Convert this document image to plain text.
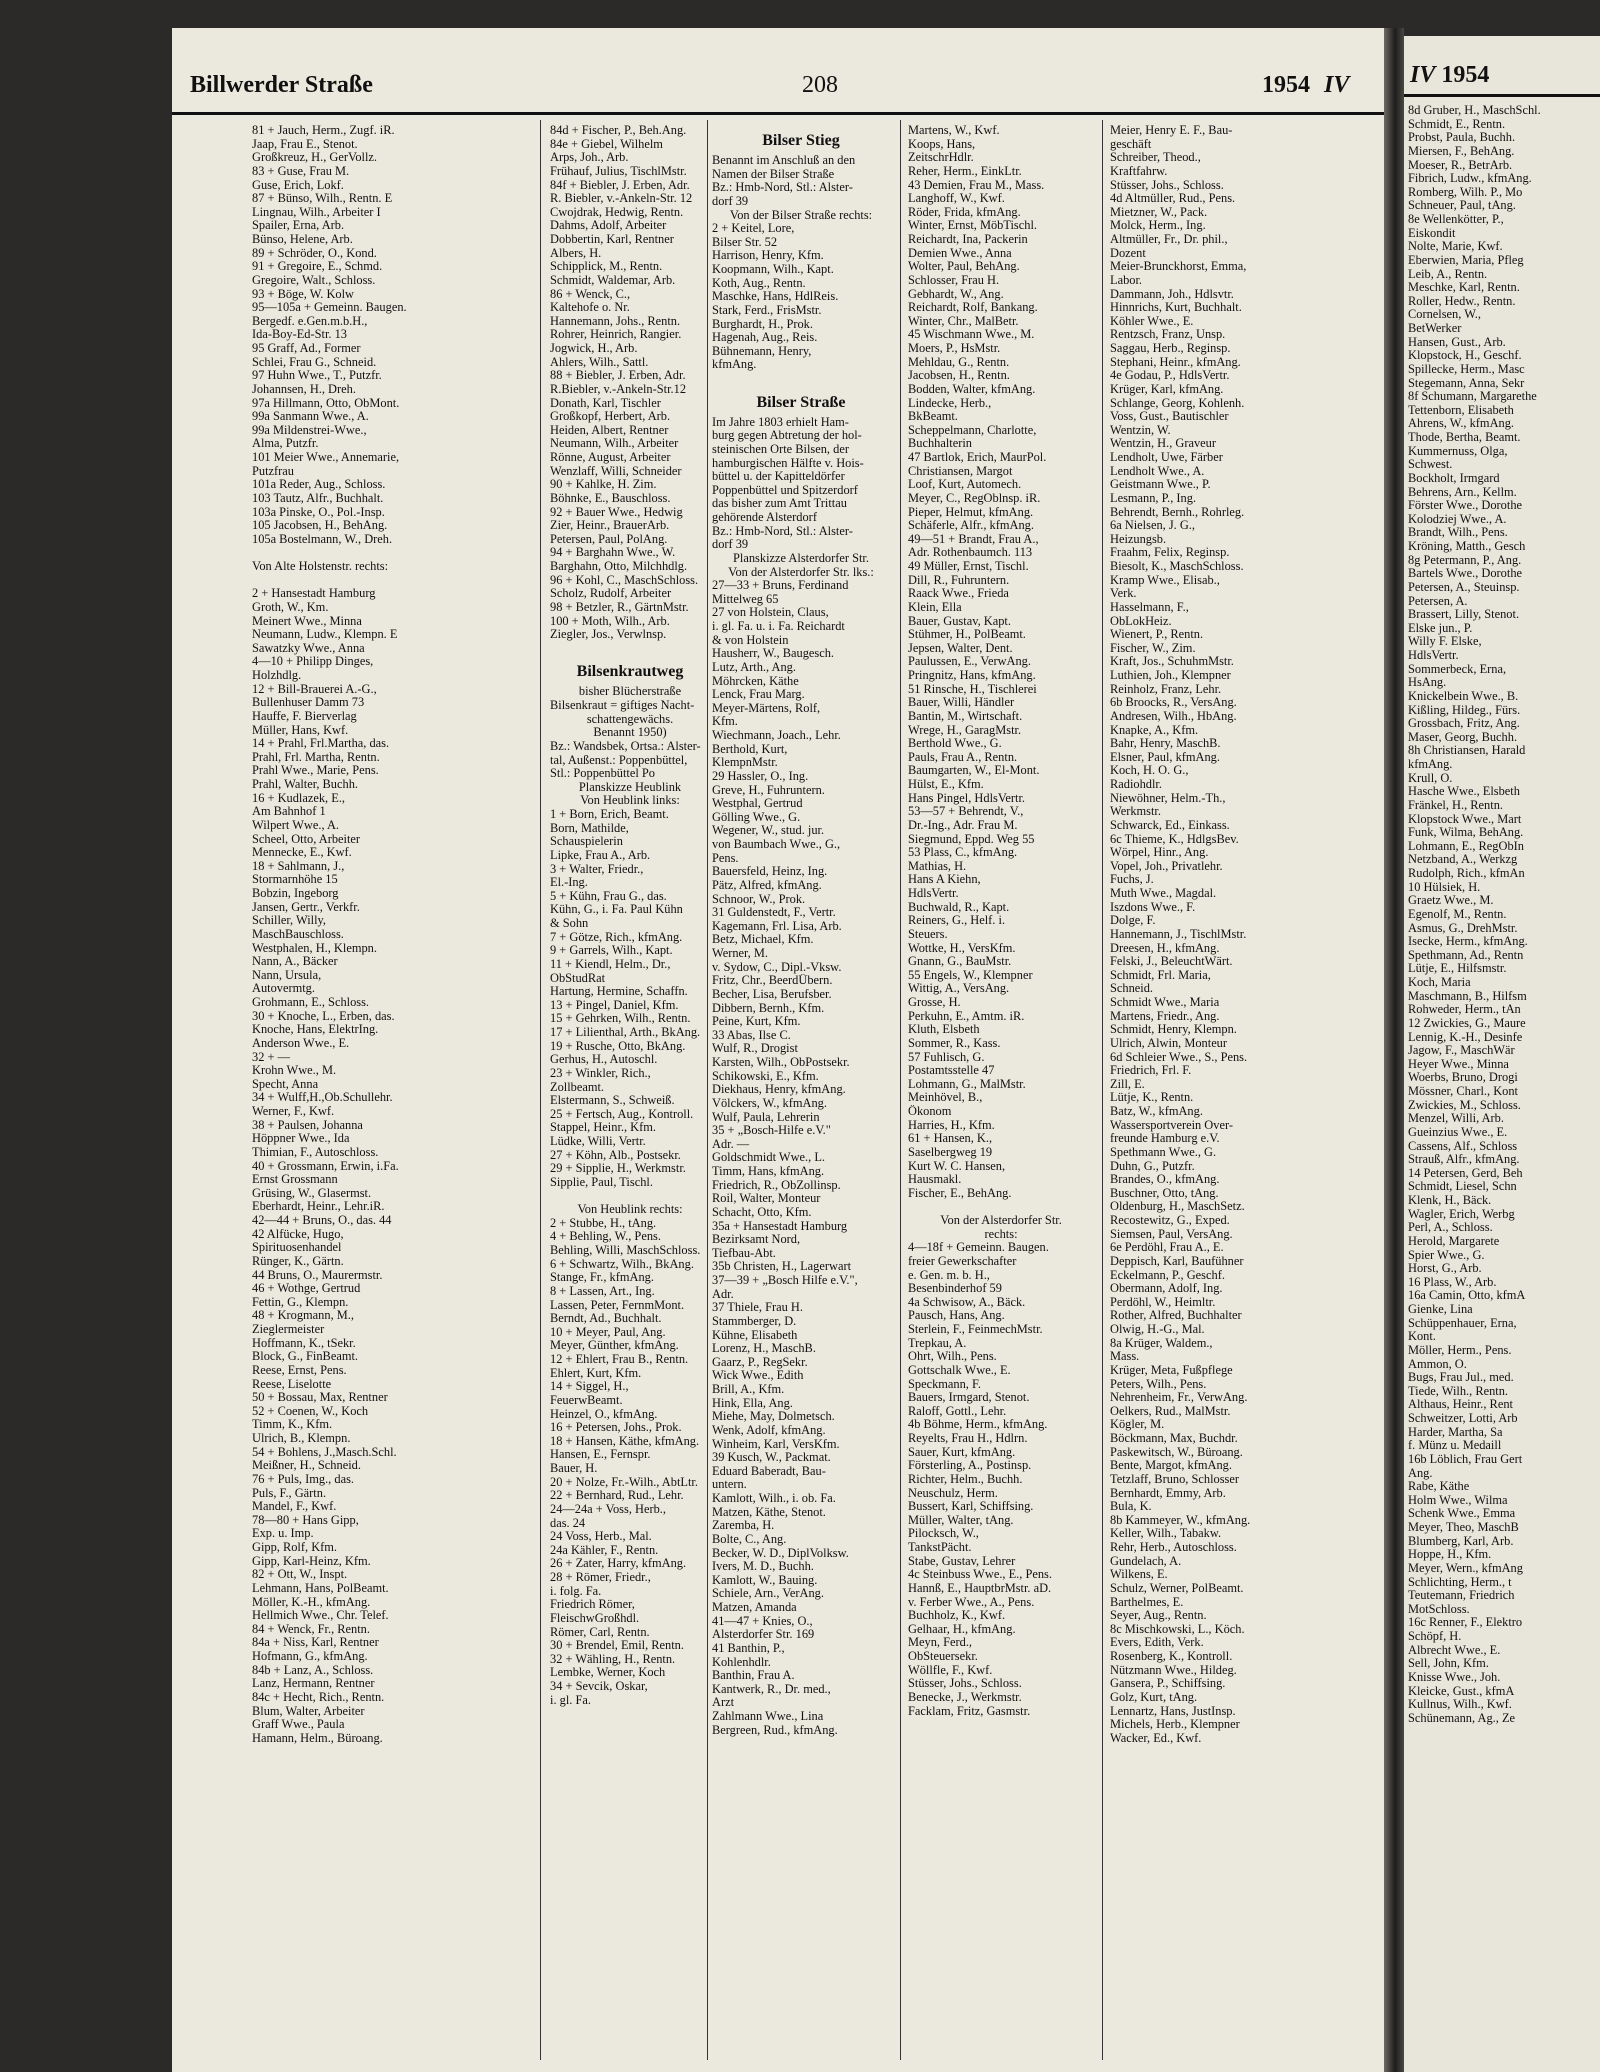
Billwerder Straße	208	1954 IV
81 + Jauch, Herm., Zugf. iR.
Jaap, Frau E., Stenot.
Großkreuz, H., GerVollz.
83 + Guse, Frau M.
Guse, Erich, Lokf.
87 + Bünso, Wilh., Rentn. E
Lingnau, Wilh., Arbeiter I
Spailer, Erna, Arb.
Bünso, Helene, Arb.
89 + Schröder, O., Kond.
91 + Gregoire, E., Schmd.
Gregoire, Walt., Schloss.
93 + Böge, W. Kolw
95—105a + Gemeinn. Baugen.
Bergedf. e.Gen.m.b.H.,
Ida-Boy-Ed-Str. 13
95 Graff, Ad., Former
Schlei, Frau G., Schneid.
97 Huhn Wwe., T., Putzfr.
Johannsen, H., Dreh.
97a Hillmann, Otto, ObMont.
99a Sanmann Wwe., A.
99a Mildenstrei-Wwe.,
Alma, Putzfr.
101 Meier Wwe., Annemarie,
Putzfrau
101a Reder, Aug., Schloss.
103 Tautz, Alfr., Buchhalt.
103a Pinske, O., Pol.-Insp.
105 Jacobsen, H., BehAng.
105a Bostelmann, W., Dreh.

Von Alte Holstenstr. rechts:

2 + Hansestadt Hamburg
Groth, W., Km.
Meinert Wwe., Minna
Neumann, Ludw., Klempn. E
Sawatzky Wwe., Anna
4—10 + Philipp Dinges,
Holzhdlg.
12 + Bill-Brauerei A.-G.,
Bullenhuser Damm 73
Hauffe, F. Bierverlag
Müller, Hans, Kwf.
14 + Prahl, Frl.Martha, das.
Prahl, Frl. Martha, Rentn.
Prahl Wwe., Marie, Pens.
Prahl, Walter, Buchh.
16 + Kudlazek, E.,
Am Bahnhof 1
Wilpert Wwe., A.
Scheel, Otto, Arbeiter
Mennecke, E., Kwf.
18 + Sahlmann, J.,
Stormarnhöhe 15
Bobzin, Ingeborg
Jansen, Gertr., Verkfr.
Schiller, Willy,
MaschBauschloss.
Westphalen, H., Klempn.
Nann, A., Bäcker
Nann, Ursula,
Autovermtg.
Grohmann, E., Schloss.
30 + Knoche, L., Erben, das.
Knoche, Hans, ElektrIng.
Anderson Wwe., E.
32 + —
Krohn Wwe., M.
Specht, Anna
34 + Wulff,H.,Ob.Schullehr.
Werner, F., Kwf.
38 + Paulsen, Johanna
Höppner Wwe., Ida
Thimian, F., Autoschloss.
40 + Grossmann, Erwin, i.Fa.
Ernst Grossmann
Grüsing, W., Glasermst.
Eberhardt, Heinr., Lehr.iR.
42—44 + Bruns, O., das. 44
42 Alfücke, Hugo,
Spirituosenhandel
Rünger, K., Gärtn.
44 Bruns, O., Maurermstr.
46 + Wothge, Gertrud
Fettin, G., Klempn.
48 + Krogmann, M.,
Zieglermeister
Hoffmann, K., tSekr.
Block, G., FinBeamt.
Reese, Ernst, Pens.
Reese, Liselotte
50 + Bossau, Max, Rentner
52 + Coenen, W., Koch
Timm, K., Kfm.
Ulrich, B., Klempn.
54 + Bohlens, J.,Masch.Schl.
Meißner, H., Schneid.
76 + Puls, Img., das.
Puls, F., Gärtn.
Mandel, F., Kwf.
78—80 + Hans Gipp,
Exp. u. Imp.
Gipp, Rolf, Kfm.
Gipp, Karl-Heinz, Kfm.
82 + Ott, W., Inspt.
Lehmann, Hans, PolBeamt.
Möller, K.-H., kfmAng.
Hellmich Wwe., Chr. Telef.
84 + Wenck, Fr., Rentn.
84a + Niss, Karl, Rentner
Hofmann, G., kfmAng.
84b + Lanz, A., Schloss.
Lanz, Hermann, Rentner
84c + Hecht, Rich., Rentn.
Blum, Walter, Arbeiter
Graff Wwe., Paula
Hamann, Helm., Büroang.
84d + Fischer, P., Beh.Ang.
84e + Giebel, Wilhelm
Arps, Joh., Arb.
Frühauf, Julius, TischlMstr.
84f + Biebler, J. Erben, Adr.
R. Biebler, v.-Ankeln-Str. 12
Cwojdrak, Hedwig, Rentn.
Dahms, Adolf, Arbeiter
Dobbertin, Karl, Rentner
Albers, H.
Schipplick, M., Rentn.
Schmidt, Waldemar, Arb.
86 + Wenck, C.,
Kaltehofe o. Nr.
Hannemann, Johs., Rentn.
Rohrer, Heinrich, Rangier.
Jogwick, H., Arb.
Ahlers, Wilh., Sattl.
88 + Biebler, J. Erben, Adr.
R.Biebler, v.-Ankeln-Str.12
Donath, Karl, Tischler
Großkopf, Herbert, Arb.
Heiden, Albert, Rentner
Neumann, Wilh., Arbeiter
Rönne, August, Arbeiter
Wenzlaff, Willi, Schneider
90 + Kahlke, H. Zim.
Böhnke, E., Bauschloss.
92 + Bauer Wwe., Hedwig
Zier, Heinr., BrauerArb.
Petersen, Paul, PolAng.
94 + Barghahn Wwe., W.
Barghahn, Otto, Milchhdlg.
96 + Kohl, C., MaschSchloss.
Scholz, Rudolf, Arbeiter
98 + Betzler, R., GärtnMstr.
100 + Moth, Wilh., Arb.
Ziegler, Jos., Verwlnsp.

Bilsenkrautweg
bisher Blücherstraße
Bilsenkraut = giftiges Nacht-
schattengewächs.
Benannt 1950)
Bz.: Wandsbek, Ortsa.: Alster-
tal, Außenst.: Poppenbüttel,
Stl.: Poppenbüttel Po
Planskizze Heublink
Von Heublink links:
1 + Born, Erich, Beamt.
Born, Mathilde,
Schauspielerin
Lipke, Frau A., Arb.
3 + Walter, Friedr.,
El.-Ing.
5 + Kühn, Frau G., das.
Kühn, G., i. Fa. Paul Kühn
& Sohn
7 + Götze, Rich., kfmAng.
9 + Garrels, Wilh., Kapt.
11 + Kiendl, Helm., Dr.,
ObStudRat
Hartung, Hermine, Schaffn.
13 + Pingel, Daniel, Kfm.
15 + Gehrken, Wilh., Rentn.
17 + Lilienthal, Arth., BkAng.
19 + Rusche, Otto, BkAng.
Gerhus, H., Autoschl.
23 + Winkler, Rich.,
Zollbeamt.
Elstermann, S., Schweiß.
25 + Fertsch, Aug., Kontroll.
Stappel, Heinr., Kfm.
Lüdke, Willi, Vertr.
27 + Köhn, Alb., Postsekr.
29 + Sipplie, H., Werkmstr.
Sipplie, Paul, Tischl.

Von Heublink rechts:
2 + Stubbe, H., tAng.
4 + Behling, W., Pens.
Behling, Willi, MaschSchloss.
6 + Schwartz, Wilh., BkAng.
Stange, Fr., kfmAng.
8 + Lassen, Art., Ing.
Lassen, Peter, FernmMont.
Berndt, Ad., Buchhalt.
10 + Meyer, Paul, Ang.
Meyer, Günther, kfmAng.
12 + Ehlert, Frau B., Rentn.
Ehlert, Kurt, Kfm.
14 + Siggel, H.,
FeuerwBeamt.
Heinzel, O., kfmAng.
16 + Petersen, Johs., Prok.
18 + Hansen, Käthe, kfmAng.
Hansen, E., Fernspr.
Bauer, H.
20 + Nolze, Fr.-Wilh., AbtLtr.
22 + Bernhard, Rud., Lehr.
24—24a + Voss, Herb.,
das. 24
24 Voss, Herb., Mal.
24a Kähler, F., Rentn.
26 + Zater, Harry, kfmAng.
28 + Römer, Friedr.,
i. folg. Fa.
Friedrich Römer,
FleischwGroßhdl.
Römer, Carl, Rentn.
30 + Brendel, Emil, Rentn.
32 + Wähling, H., Rentn.
Lembke, Werner, Koch
34 + Sevcik, Oskar,
i. gl. Fa.
Bilser Stieg
Benannt im Anschluß an den
Namen der Bilser Straße
Bz.: Hmb-Nord, Stl.: Alster-
dorf 39
Von der Bilser Straße rechts:
2 + Keitel, Lore,
Bilser Str. 52
Harrison, Henry, Kfm.
Koopmann, Wilh., Kapt.
Koth, Aug., Rentn.
Maschke, Hans, HdlReis.
Stark, Ferd., FrisMstr.
Burghardt, H., Prok.
Hagenah, Aug., Reis.
Bühnemann, Henry,
kfmAng.

Bilser Straße
Im Jahre 1803 erhielt Ham-
burg gegen Abtretung der hol-
steinischen Orte Bilsen, der
hamburgischen Hälfte v. Hois-
büttel u. der Kapitteldörfer
Poppenbüttel und Spitzerdorf
das bisher zum Amt Trittau
gehörende Alsterdorf
Bz.: Hmb-Nord, Stl.: Alster-
dorf 39
Planskizze Alsterdorfer Str.
Von der Alsterdorfer Str. lks.:
27—33 + Bruns, Ferdinand
Mittelweg 65
27 von Holstein, Claus,
i. gl. Fa. u. i. Fa. Reichardt
& von Holstein
Hausherr, W., Baugesch.
Lutz, Arth., Ang.
Möhrcken, Käthe
Lenck, Frau Marg.
Meyer-Märtens, Rolf,
Kfm.
Wiechmann, Joach., Lehr.
Berthold, Kurt,
KlempnMstr.
29 Hassler, O., Ing.
Greve, H., Fuhruntern.
Westphal, Gertrud
Gölling Wwe., G.
Wegener, W., stud. jur.
von Baumbach Wwe., G.,
Pens.
Bauersfeld, Heinz, Ing.
Pätz, Alfred, kfmAng.
Schnoor, W., Prok.
31 Guldenstedt, F., Vertr.
Kagemann, Frl. Lisa, Arb.
Betz, Michael, Kfm.
Werner, M.
v. Sydow, C., Dipl.-Vksw.
Fritz, Chr., BeerdÜbern.
Becher, Lisa, Berufsber.
Dibbern, Bernh., Kfm.
Peine, Kurt, Kfm.
33 Abas, Ilse C.
Wulf, R., Drogist
Karsten, Wilh., ObPostsekr.
Schikowski, E., Kfm.
Diekhaus, Henry, kfmAng.
Völckers, W., kfmAng.
Wulf, Paula, Lehrerin
35 + „Bosch-Hilfe e.V."
Adr. —
Goldschmidt Wwe., L.
Timm, Hans, kfmAng.
Friedrich, R., ObZollinsp.
Roil, Walter, Monteur
Schacht, Otto, Kfm.
35a + Hansestadt Hamburg
Bezirksamt Nord,
Tiefbau-Abt.
35b Christen, H., Lagerwart
37—39 + „Bosch Hilfe e.V.",
Adr.
37 Thiele, Frau H.
Stammberger, D.
Kühne, Elisabeth
Lorenz, H., MaschB.
Gaarz, P., RegSekr.
Wick Wwe., Edith
Brill, A., Kfm.
Hink, Ella, Ang.
Miehe, May, Dolmetsch.
Wenk, Adolf, kfmAng.
Winheim, Karl, VersKfm.
39 Kusch, W., Packmat.
Eduard Baberadt, Bau-
untern.
Kamlott, Wilh., i. ob. Fa.
Matzen, Käthe, Stenot.
Zaremba, H.
Bolte, C., Ang.
Becker, W. D., DiplVolksw.
Ivers, M. D., Buchh.
Kamlott, W., Bauing.
Schiele, Arn., VerAng.
Matzen, Amanda
41—47 + Knies, O.,
Alsterdorfer Str. 169
41 Banthin, P.,
Kohlenhdlr.
Banthin, Frau A.
Kantwerk, R., Dr. med.,
Arzt
Zahlmann Wwe., Lina
Bergreen, Rud., kfmAng.
Martens, W., Kwf.
Koops, Hans,
ZeitschrHdlr.
Reher, Herm., EinkLtr.
43 Demien, Frau M., Mass.
Langhoff, W., Kwf.
Röder, Frida, kfmAng.
Winter, Ernst, MöbTischl.
Reichardt, Ina, Packerin
Demien Wwe., Anna
Wolter, Paul, BehAng.
Schlosser, Frau H.
Gebhardt, W., Ang.
Reichardt, Rolf, Bankang.
Winter, Chr., MalBetr.
45 Wischmann Wwe., M.
Moers, P., HsMstr.
Mehldau, G., Rentn.
Jacobsen, H., Rentn.
Bodden, Walter, kfmAng.
Lindecke, Herb.,
BkBeamt.
Scheppelmann, Charlotte,
Buchhalterin
47 Bartlok, Erich, MaurPol.
Christiansen, Margot
Loof, Kurt, Automech.
Meyer, C., RegOblnsp. iR.
Pieper, Helmut, kfmAng.
Schäferle, Alfr., kfmAng.
49—51 + Brandt, Frau A.,
Adr. Rothenbaumch. 113
49 Müller, Ernst, Tischl.
Dill, R., Fuhruntern.
Raack Wwe., Frieda
Klein, Ella
Bauer, Gustav, Kapt.
Stühmer, H., PolBeamt.
Jepsen, Walter, Dent.
Paulussen, E., VerwAng.
Pringnitz, Hans, kfmAng.
51 Rinsche, H., Tischlerei
Bauer, Willi, Händler
Bantin, M., Wirtschaft.
Wrege, H., GaragMstr.
Berthold Wwe., G.
Pauls, Frau A., Rentn.
Baumgarten, W., El-Mont.
Hülst, E., Kfm.
Hans Pingel, HdlsVertr.
53—57 + Behrendt, V.,
Dr.-Ing., Adr. Frau M.
Siegmund, Eppd. Weg 55
53 Plass, C., kfmAng.
Mathias, H.
Hans A Kiehn,
HdlsVertr.
Buchwald, R., Kapt.
Reiners, G., Helf. i.
Steuers.
Wottke, H., VersKfm.
Gnann, G., BauMstr.
55 Engels, W., Klempner
Wittig, A., VersAng.
Grosse, H.
Perkuhn, E., Amtm. iR.
Kluth, Elsbeth
Sommer, R., Kass.
57 Fuhlisch, G.
Postamtsstelle 47
Lohmann, G., MalMstr.
Meinhövel, B.,
Ökonom
Harries, H., Kfm.
61 + Hansen, K.,
Saselbergweg 19
Kurt W. C. Hansen,
Hausmakl.
Fischer, E., BehAng.

Von der Alsterdorfer Str.
rechts:
4—18f + Gemeinn. Baugen.
freier Gewerkschafter
e. Gen. m. b. H.,
Besenbinderhof 59
4a Schwisow, A., Bäck.
Pausch, Hans, Ang.
Sterlein, F., FeinmechMstr.
Trepkau, A.
Ohrt, Wilh., Pens.
Gottschalk Wwe., E.
Speckmann, F.
Bauers, Irmgard, Stenot.
Raloff, Gottl., Lehr.
4b Böhme, Herm., kfmAng.
Reyelts, Frau H., Hdlrn.
Sauer, Kurt, kfmAng.
Försterling, A., Postinsp.
Richter, Helm., Buchh.
Neuschulz, Herm.
Bussert, Karl, Schiffsing.
Müller, Walter, tAng.
Pilocksch, W.,
TankstPächt.
Stabe, Gustav, Lehrer
4c Steinbuss Wwe., E., Pens.
Hannß, E., HauptbrMstr. aD.
v. Ferber Wwe., A., Pens.
Buchholz, K., Kwf.
Gelhaar, H., kfmAng.
Meyn, Ferd.,
ObSteuersekr.
Wöllfle, F., Kwf.
Stüsser, Johs., Schloss.
Benecke, J., Werkmstr.
Facklam, Fritz, Gasmstr.
Meier, Henry E. F., Bau-
geschäft
Schreiber, Theod.,
Kraftfahrw.
Stüsser, Johs., Schloss.
4d Altmüller, Rud., Pens.
Mietzner, W., Pack.
Molck, Herm., Ing.
Altmüller, Fr., Dr. phil.,
Dozent
Meier-Brunckhorst, Emma,
Labor.
Dammann, Joh., Hdlsvtr.
Hinnrichs, Kurt, Buchhalt.
Köhler Wwe., E.
Rentzsch, Franz, Unsp.
Saggau, Herb., Reginsp.
Stephani, Heinr., kfmAng.
4e Godau, P., HdlsVertr.
Krüger, Karl, kfmAng.
Schlange, Georg, Kohlenh.
Voss, Gust., Bautischler
Wentzin, W.
Wentzin, H., Graveur
Lendholt, Uwe, Färber
Lendholt Wwe., A.
Geistmann Wwe., P.
Lesmann, P., Ing.
Behrendt, Bernh., Rohrleg.
6a Nielsen, J. G.,
Heizungsb.
Fraahm, Felix, Reginsp.
Biesolt, K., MaschSchloss.
Kramp Wwe., Elisab.,
Verk.
Hasselmann, F.,
ObLokHeiz.
Wienert, P., Rentn.
Fischer, W., Zim.
Kraft, Jos., SchuhmMstr.
Luthien, Joh., Klempner
Reinholz, Franz, Lehr.
6b Broocks, R., VersAng.
Andresen, Wilh., HbAng.
Knapke, A., Kfm.
Bahr, Henry, MaschB.
Elsner, Paul, kfmAng.
Koch, H. O. G.,
Radiohdlr.
Niewöhner, Helm.-Th.,
Werkmstr.
Schwarck, Ed., Einkass.
6c Thieme, K., HdlgsBev.
Wörpel, Hinr., Ang.
Vopel, Joh., Privatlehr.
Fuchs, J.
Muth Wwe., Magdal.
Iszdons Wwe., F.
Dolge, F.
Hannemann, J., TischlMstr.
Dreesen, H., kfmAng.
Felski, J., BeleuchtWärt.
Schmidt, Frl. Maria,
Schneid.
Schmidt Wwe., Maria
Martens, Friedr., Ang.
Schmidt, Henry, Klempn.
Ulrich, Alwin, Monteur
6d Schleier Wwe., S., Pens.
Friedrich, Frl. F.
Zill, E.
Lütje, K., Rentn.
Batz, W., kfmAng.
Wassersportverein Over-
freunde Hamburg e.V.
Spethmann Wwe., G.
Duhn, G., Putzfr.
Brandes, O., kfmAng.
Buschner, Otto, tAng.
Oldenburg, H., MaschSetz.
Recostewitz, G., Exped.
Siemsen, Paul, VersAng.
6e Perdöhl, Frau A., E.
Deppisch, Karl, Baufühner
Eckelmann, P., Geschf.
Obermann, Adolf, Ing.
Perdöhl, W., Heimltr.
Rother, Alfred, Buchhalter
Olwig, H.-G., Mal.
8a Krüger, Waldem.,
Mass.
Krüger, Meta, Fußpflege
Peters, Wilh., Pens.
Nehrenheim, Fr., VerwAng.
Oelkers, Rud., MalMstr.
Kögler, M.
Böckmann, Max, Buchdr.
Paskewitsch, W., Büroang.
Bente, Margot, kfmAng.
Tetzlaff, Bruno, Schlosser
Bernhardt, Emmy, Arb.
Bula, K.
8b Kammeyer, W., kfmAng.
Keller, Wilh., Tabakw.
Rehr, Herb., Autoschloss.
Gundelach, A.
Wilkens, E.
Schulz, Werner, PolBeamt.
Barthelmes, E.
Seyer, Aug., Rentn.
8c Mischkowski, L., Köch.
Evers, Edith, Verk.
Rosenberg, K., Kontroll.
Nützmann Wwe., Hildeg.
Gansera, P., Schiffsing.
Golz, Kurt, tAng.
Lennartz, Hans, JustInsp.
Michels, Herb., Klempner
Wacker, Ed., Kwf.
IV 1954
8d Gruber, H., MaschSchl.
Schmidt, E., Rentn.
Probst, Paula, Buchh.
Miersen, F., BehAng.
Moeser, R., BetrArb.
Fibrich, Ludw., kfmAng.
Romberg, Wilh. P., Mo
Schneuer, Paul, tAng.
8e Wellenkötter, P.,
Eiskondit
Nolte, Marie, Kwf.
Eberwien, Maria, Pfleg
Leib, A., Rentn.
Meschke, Karl, Rentn.
Roller, Hedw., Rentn.
Cornelsen, W.,
BetWerker
Hansen, Gust., Arb.
Klopstock, H., Geschf.
Spillecke, Herm., Masc
Stegemann, Anna, Sekr
8f Schumann, Margarethe
Tettenborn, Elisabeth
Ahrens, W., kfmAng.
Thode, Bertha, Beamt.
Kummernuss, Olga,
Schwest.
Bockholt, Irmgard
Behrens, Arn., Kellm.
Förster Wwe., Dorothe
Kolodziej Wwe., A.
Brandt, Wilh., Pens.
Kröning, Matth., Gesch
8g Petermann, P., Ang.
Bartels Wwe., Dorothe
Petersen, A., Steuinsp.
Petersen, A.
Brassert, Lilly, Stenot.
Elske jun., P.
Willy F. Elske,
HdlsVertr.
Sommerbeck, Erna,
HsAng.
Knickelbein Wwe., B.
Kißling, Hildeg., Fürs.
Grossbach, Fritz, Ang.
Maser, Georg, Buchh.
8h Christiansen, Harald
kfmAng.
Krull, O.
Hasche Wwe., Elsbeth
Fränkel, H., Rentn.
Klopstock Wwe., Mart
Funk, Wilma, BehAng.
Lohmann, E., RegObIn
Netzband, A., Werkzg
Rudolph, Rich., kfmAn
10 Hülsiek, H.
Graetz Wwe., M.
Egenolf, M., Rentn.
Asmus, G., DrehMstr.
Isecke, Herm., kfmAng.
Spethmann, Ad., Rentn
Lütje, E., Hilfsmstr.
Koch, Maria
Maschmann, B., Hilfsm
Rohweder, Herm., tAn
12 Zwickies, G., Maure
Lennig, K.-H., Desinfe
Jagow, F., MaschWär
Heyer Wwe., Minna
Woerbs, Bruno, Drogi
Mössner, Charl., Kont
Zwickies, M., Schloss.
Menzel, Willi, Arb.
Gueinzius Wwe., E.
Cassens, Alf., Schloss
Strauß, Alfr., kfmAng.
14 Petersen, Gerd, Beh
Schmidt, Liesel, Schn
Klenk, H., Bäck.
Wagler, Erich, Werbg
Perl, A., Schloss.
Herold, Margarete
Spier Wwe., G.
Horst, G., Arb.
16 Plass, W., Arb.
16a Camin, Otto, kfmA
Gienke, Lina
Schüppenhauer, Erna,
Kont.
Möller, Herm., Pens.
Ammon, O.
Bugs, Frau Jul., med.
Tiede, Wilh., Rentn.
Althaus, Heinr., Rent
Schweitzer, Lotti, Arb
Harder, Martha, Sa
f. Münz u. Medaill
16b Löblich, Frau Gert
Ang.
Rabe, Käthe
Holm Wwe., Wilma
Schenk Wwe., Emma
Meyer, Theo, MaschB
Blumberg, Karl, Arb.
Hoppe, H., Kfm.
Meyer, Wern., kfmAng
Schlichting, Herm., t
Teutemann, Friedrich
MotSchloss.
16c Renner, F., Elektro
Schöpf, H.
Albrecht Wwe., E.
Sell, John, Kfm.
Knisse Wwe., Joh.
Kleicke, Gust., kfmA
Kullnus, Wilh., Kwf.
Schünemann, Ag., Ze
